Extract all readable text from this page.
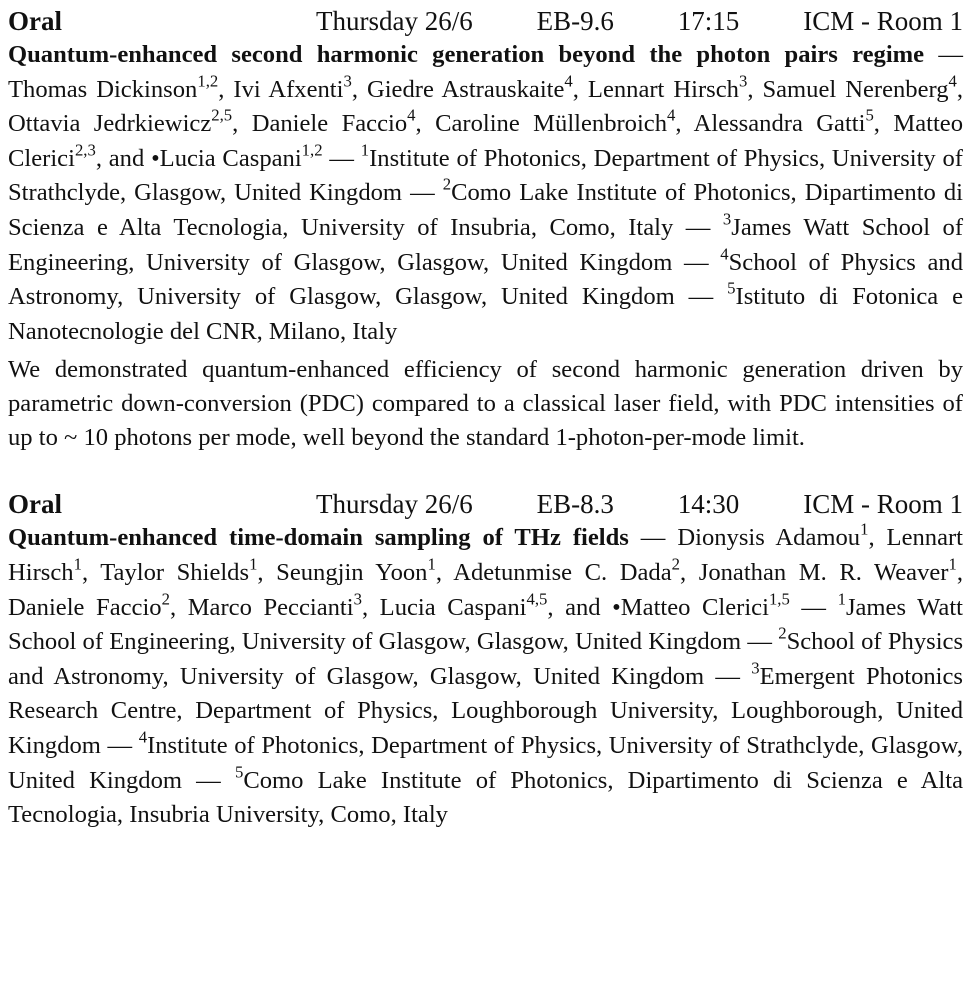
Oral	Thursday 26/6 EB-9.6 17:15 ICM - Room 1

Quantum-enhanced second harmonic generation beyond the photon pairs regime — Thomas Dickinson$^{1,2}$, Ivi Afxenti$^3$, Giedre Astrauskaite$^4$, Lennart Hirsch$^3$, Samuel Nerenberg$^4$, Ottavia Jedrkiewicz$^{2,5}$, Daniele Faccio$^4$, Caroline Müllenbroich$^4$, Alessandra Gatti$^5$, Matteo Clerici$^{2,3}$, and •Lucia Caspani$^{1,2}$ — $^1$Institute of Photonics, Department of Physics, University of Strathclyde, Glasgow, United Kingdom — $^2$Como Lake Institute of Photonics, Dipartimento di Scienza e Alta Tecnologia, University of Insubria, Como, Italy — $^3$James Watt School of Engineering, University of Glasgow, Glasgow, United Kingdom — $^4$School of Physics and Astronomy, University of Glasgow, Glasgow, United Kingdom — $^5$Istituto di Fotonica e Nanotecnologie del CNR, Milano, Italy

We demonstrated quantum-enhanced efficiency of second harmonic generation driven by parametric down-conversion (PDC) compared to a classical laser field, with PDC intensities of up to ~ 10 photons per mode, well beyond the standard 1-photon-per-mode limit.

Oral	Thursday 26/6 EB-8.3 14:30 ICM - Room 1

Quantum-enhanced time-domain sampling of THz fields — Dionysis Adamou$^1$, Lennart Hirsch$^1$, Taylor Shields$^1$, Seungjin Yoon$^1$, Adetunmise C. Dada$^2$, Jonathan M. R. Weaver$^1$, Daniele Faccio$^2$, Marco Peccianti$^3$, Lucia Caspani$^{4,5}$, and •Matteo Clerici$^{1,5}$ — $^1$James Watt School of Engineering, University of Glasgow, Glasgow, United Kingdom — $^2$School of Physics and Astronomy, University of Glasgow, Glasgow, United Kingdom — $^3$Emergent Photonics Research Centre, Department of Physics, Loughborough University, Loughborough, United Kingdom — $^4$Institute of Photonics, Department of Physics, University of Strathclyde, Glasgow, United Kingdom — $^5$Como Lake Institute of Photonics, Dipartimento di Scienza e Alta Tecnologia, Insubria University, Como, Italy
